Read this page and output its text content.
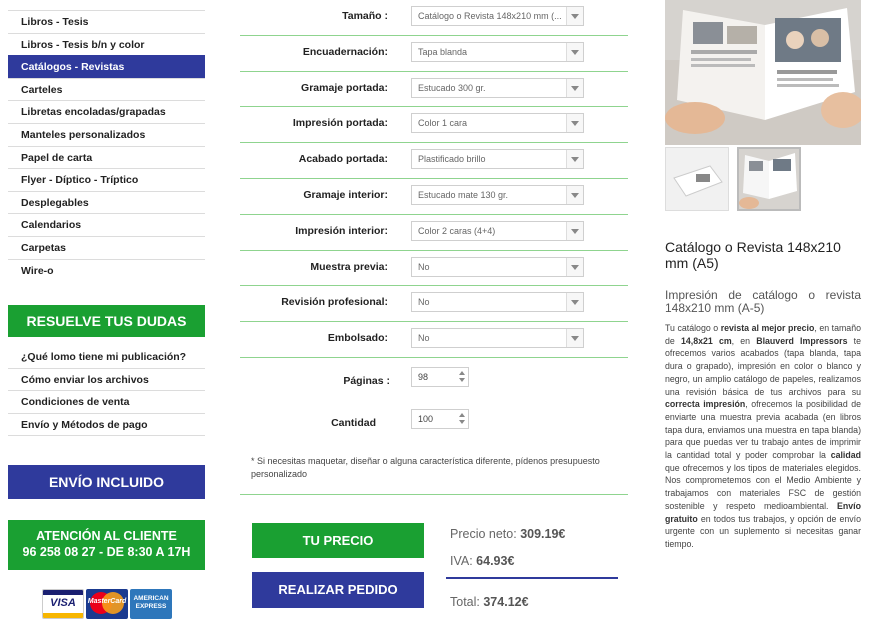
Libros - Tesis
Libros - Tesis b/n y color
Catálogos - Revistas
Carteles
Libretas encoladas/grapadas
Manteles personalizados
Papel de carta
Flyer - Díptico - Tríptico
Desplegables
Calendarios
Carpetas
Wire-o
RESUELVE TUS DUDAS
¿Qué lomo tiene mi publicación?
Cómo enviar los archivos
Condiciones de venta
Envío y Métodos de pago
ENVÍO INCLUIDO
ATENCIÓN AL CLIENTE
96 258 08 27 - DE 8:30 A 17H
VISA	MasterCard	AMERICAN
EXPRESS
Tamaño :	Catálogo o Revista 148x210 mm (...
Encuadernación:	Tapa blanda
Gramaje portada:	Estucado 300 gr.
Impresión portada:	Color 1 cara
Acabado portada:	Plastificado brillo
Gramaje interior:	Estucado mate 130 gr.
Impresión interior:	Color 2 caras (4+4)
Muestra previa:	No
Revisión profesional:	No
Embolsado:	No
Páginas :	98
Cantidad	100
* Si necesitas maquetar, diseñar o alguna característica diferente, pídenos presupuesto personalizado
TU PRECIO
REALIZAR PEDIDO
Precio neto: 309.19€
IVA: 64.93€
Total: 374.12€
Catálogo o Revista 148x210 mm (A5)
Impresión de catálogo o revista 148x210 mm (A-5)
Tu catálogo o revista al mejor precio, en tamaño de 14,8x21 cm, en Blauverd Impressors te ofrecemos varios acabados (tapa blanda, tapa dura o grapado), impresión en color o blanco y negro, un amplio catálogo de papeles, realizamos una revisión básica de tus archivos para su correcta impresión, ofrecemos la posibilidad de enviarte una muestra previa acabada (en libros tapa dura, enviamos una muestra en tapa blanda) para que puedas ver tu trabajo antes de imprimir la cantidad total y poder comprobar la calidad que ofrecemos y los tipos de materiales elegidos. Nos comprometemos con el Medio Ambiente y trabajamos con materiales FSC de gestión sostenible y respeto medioambiental. Envío gratuito en todos tus trabajos, y opción de envío urgente con un suplemento si necesitas ganar tiempo.
